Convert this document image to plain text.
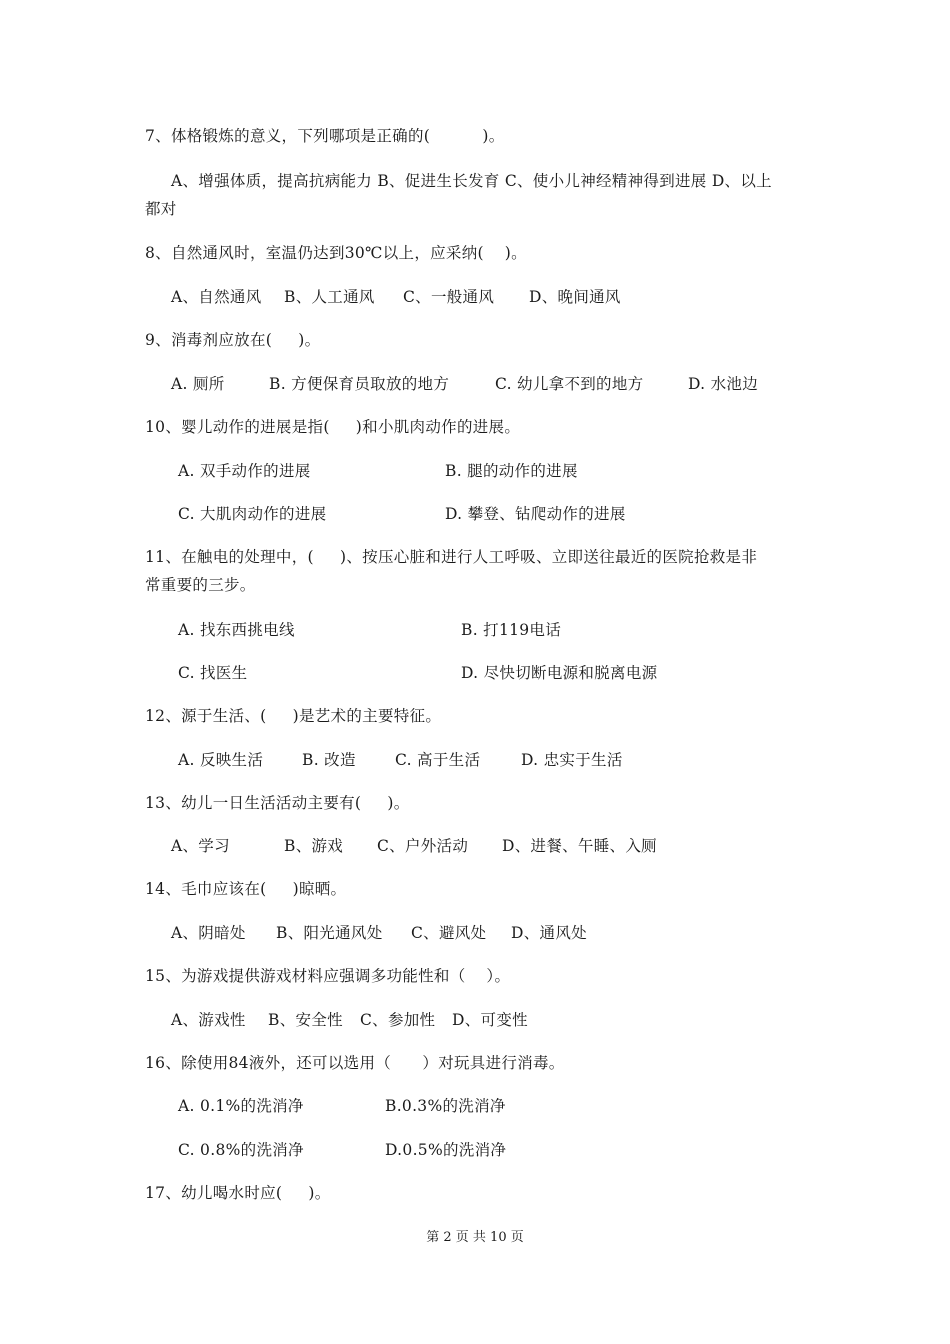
7、体格锻炼的意义，下列哪项是正确的(          )。
A、增强体质，提高抗病能力 B、促进生长发育 C、使小儿神经精神得到进展 D、以上
都对
8、自然通风时，室温仍达到30℃以上，应采纳(    )。
A、自然通风 B、人工通风 C、一般通风 D、晚间通风
9、消毒剂应放在(     )。
A. 厕所	B. 方便保育员取放的地方	C. 幼儿拿不到的地方	D. 水池边
10、婴儿动作的进展是指(     )和小肌肉动作的进展。
A. 双手动作的进展	B. 腿的动作的进展
C. 大肌肉动作的进展	D. 攀登、钻爬动作的进展
11、在触电的处理中，(     )、按压心脏和进行人工呼吸、立即送往最近的医院抢救是非
常重要的三步。
A. 找东西挑电线	B. 打119电话
C. 找医生	D. 尽快切断电源和脱离电源
12、源于生活、(     )是艺术的主要特征。
A. 反映生活	B. 改造	C. 高于生活	D. 忠实于生活
13、幼儿一日生活活动主要有(     )。
A、学习	B、游戏 C、户外活动 D、进餐、午睡、入厕
14、毛巾应该在(     )晾晒。
A、阴暗处 B、阳光通风处 C、避风处 D、通风处
15、为游戏提供游戏材料应强调多功能性和（    ）。
A、游戏性 B、安全性 C、参加性 D、可变性
16、除使用84液外，还可以选用（      ）对玩具进行消毒。
A. 0.1%的洗消净	B.0.3%的洗消净
C. 0.8%的洗消净	D.0.5%的洗消净
17、幼儿喝水时应(     )。
第 2 页 共 10 页
